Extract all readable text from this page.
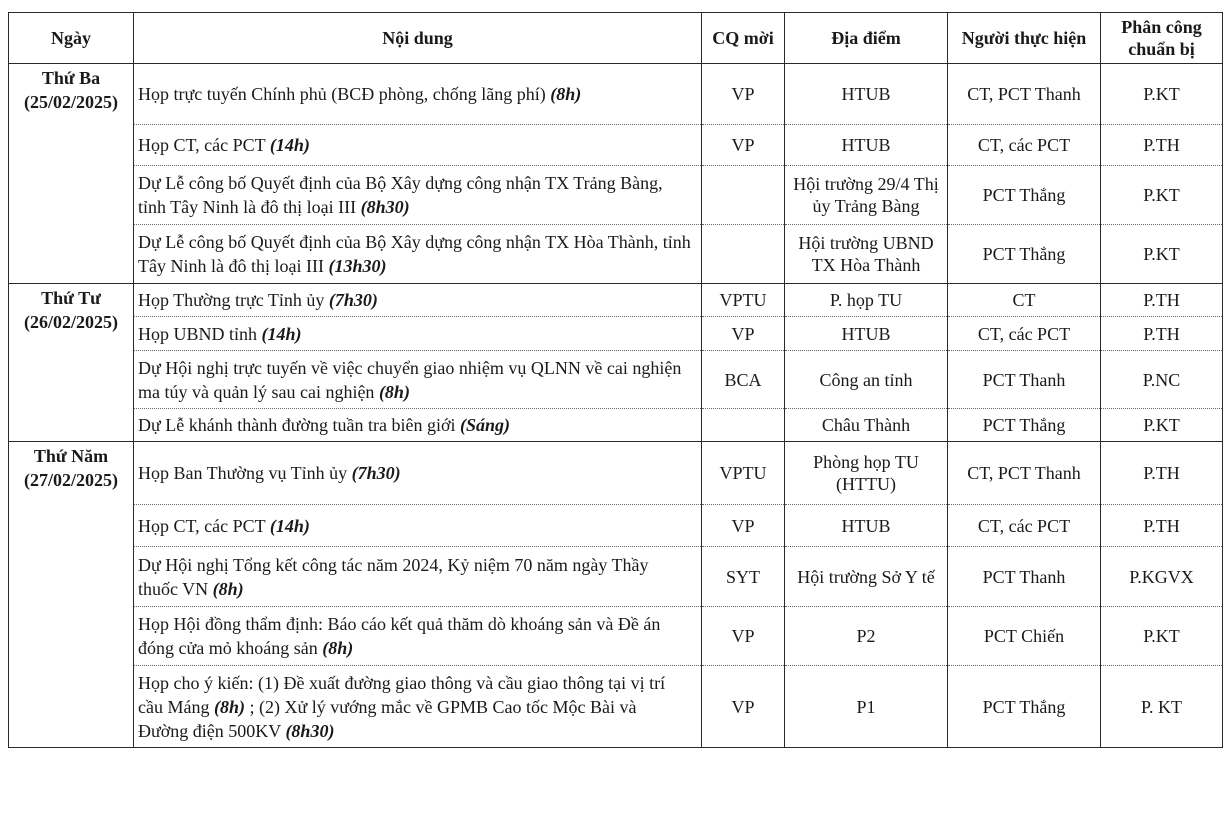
Ngày	Nội dung	CQ mời	Địa điểm	Người thực hiện	Phân công chuẩn bị

Thứ Ba
(25/02/2025)	Họp trực tuyến Chính phủ (BCĐ phòng, chống lãng phí) (8h)	VP	HTUB	CT, PCT Thanh	P.KT
	Họp CT, các PCT (14h)	VP	HTUB	CT, các PCT	P.TH
	Dự Lễ công bố Quyết định của Bộ Xây dựng công nhận TX Trảng Bàng, tỉnh Tây Ninh là đô thị loại III (8h30)		Hội trường 29/4 Thị ủy Trảng Bàng	PCT Thắng	P.KT
	Dự Lễ công bố Quyết định của Bộ Xây dựng công nhận TX Hòa Thành, tỉnh Tây Ninh là đô thị loại III (13h30)		Hội trường UBND TX Hòa Thành	PCT Thắng	P.KT

Thứ Tư
(26/02/2025)	Họp Thường trực Tỉnh ủy (7h30)	VPTU	P. họp TU	CT	P.TH
	Họp UBND tỉnh (14h)	VP	HTUB	CT, các PCT	P.TH
	Dự Hội nghị trực tuyến về việc chuyển giao nhiệm vụ QLNN về cai nghiện ma túy và quản lý sau cai nghiện (8h)	BCA	Công an tỉnh	PCT Thanh	P.NC
	Dự Lễ khánh thành đường tuần tra biên giới (Sáng)		Châu Thành	PCT Thắng	P.KT

Thứ Năm
(27/02/2025)	Họp Ban Thường vụ Tỉnh ủy (7h30)	VPTU	Phòng họp TU (HTTU)	CT, PCT Thanh	P.TH
	Họp CT, các PCT (14h)	VP	HTUB	CT, các PCT	P.TH
	Dự Hội nghị Tổng kết công tác năm 2024, Kỷ niệm 70 năm ngày Thầy thuốc VN (8h)	SYT	Hội trường Sở Y tế	PCT Thanh	P.KGVX
	Họp Hội đồng thẩm định: Báo cáo kết quả thăm dò khoáng sản và Đề án đóng cửa mỏ khoáng sản (8h)	VP	P2	PCT Chiến	P.KT
	Họp cho ý kiến: (1) Đề xuất đường giao thông và cầu giao thông tại vị trí cầu Máng (8h) ; (2) Xử lý vướng mắc về GPMB Cao tốc Mộc Bài và Đường điện 500KV (8h30)	VP	P1	PCT Thắng	P. KT
